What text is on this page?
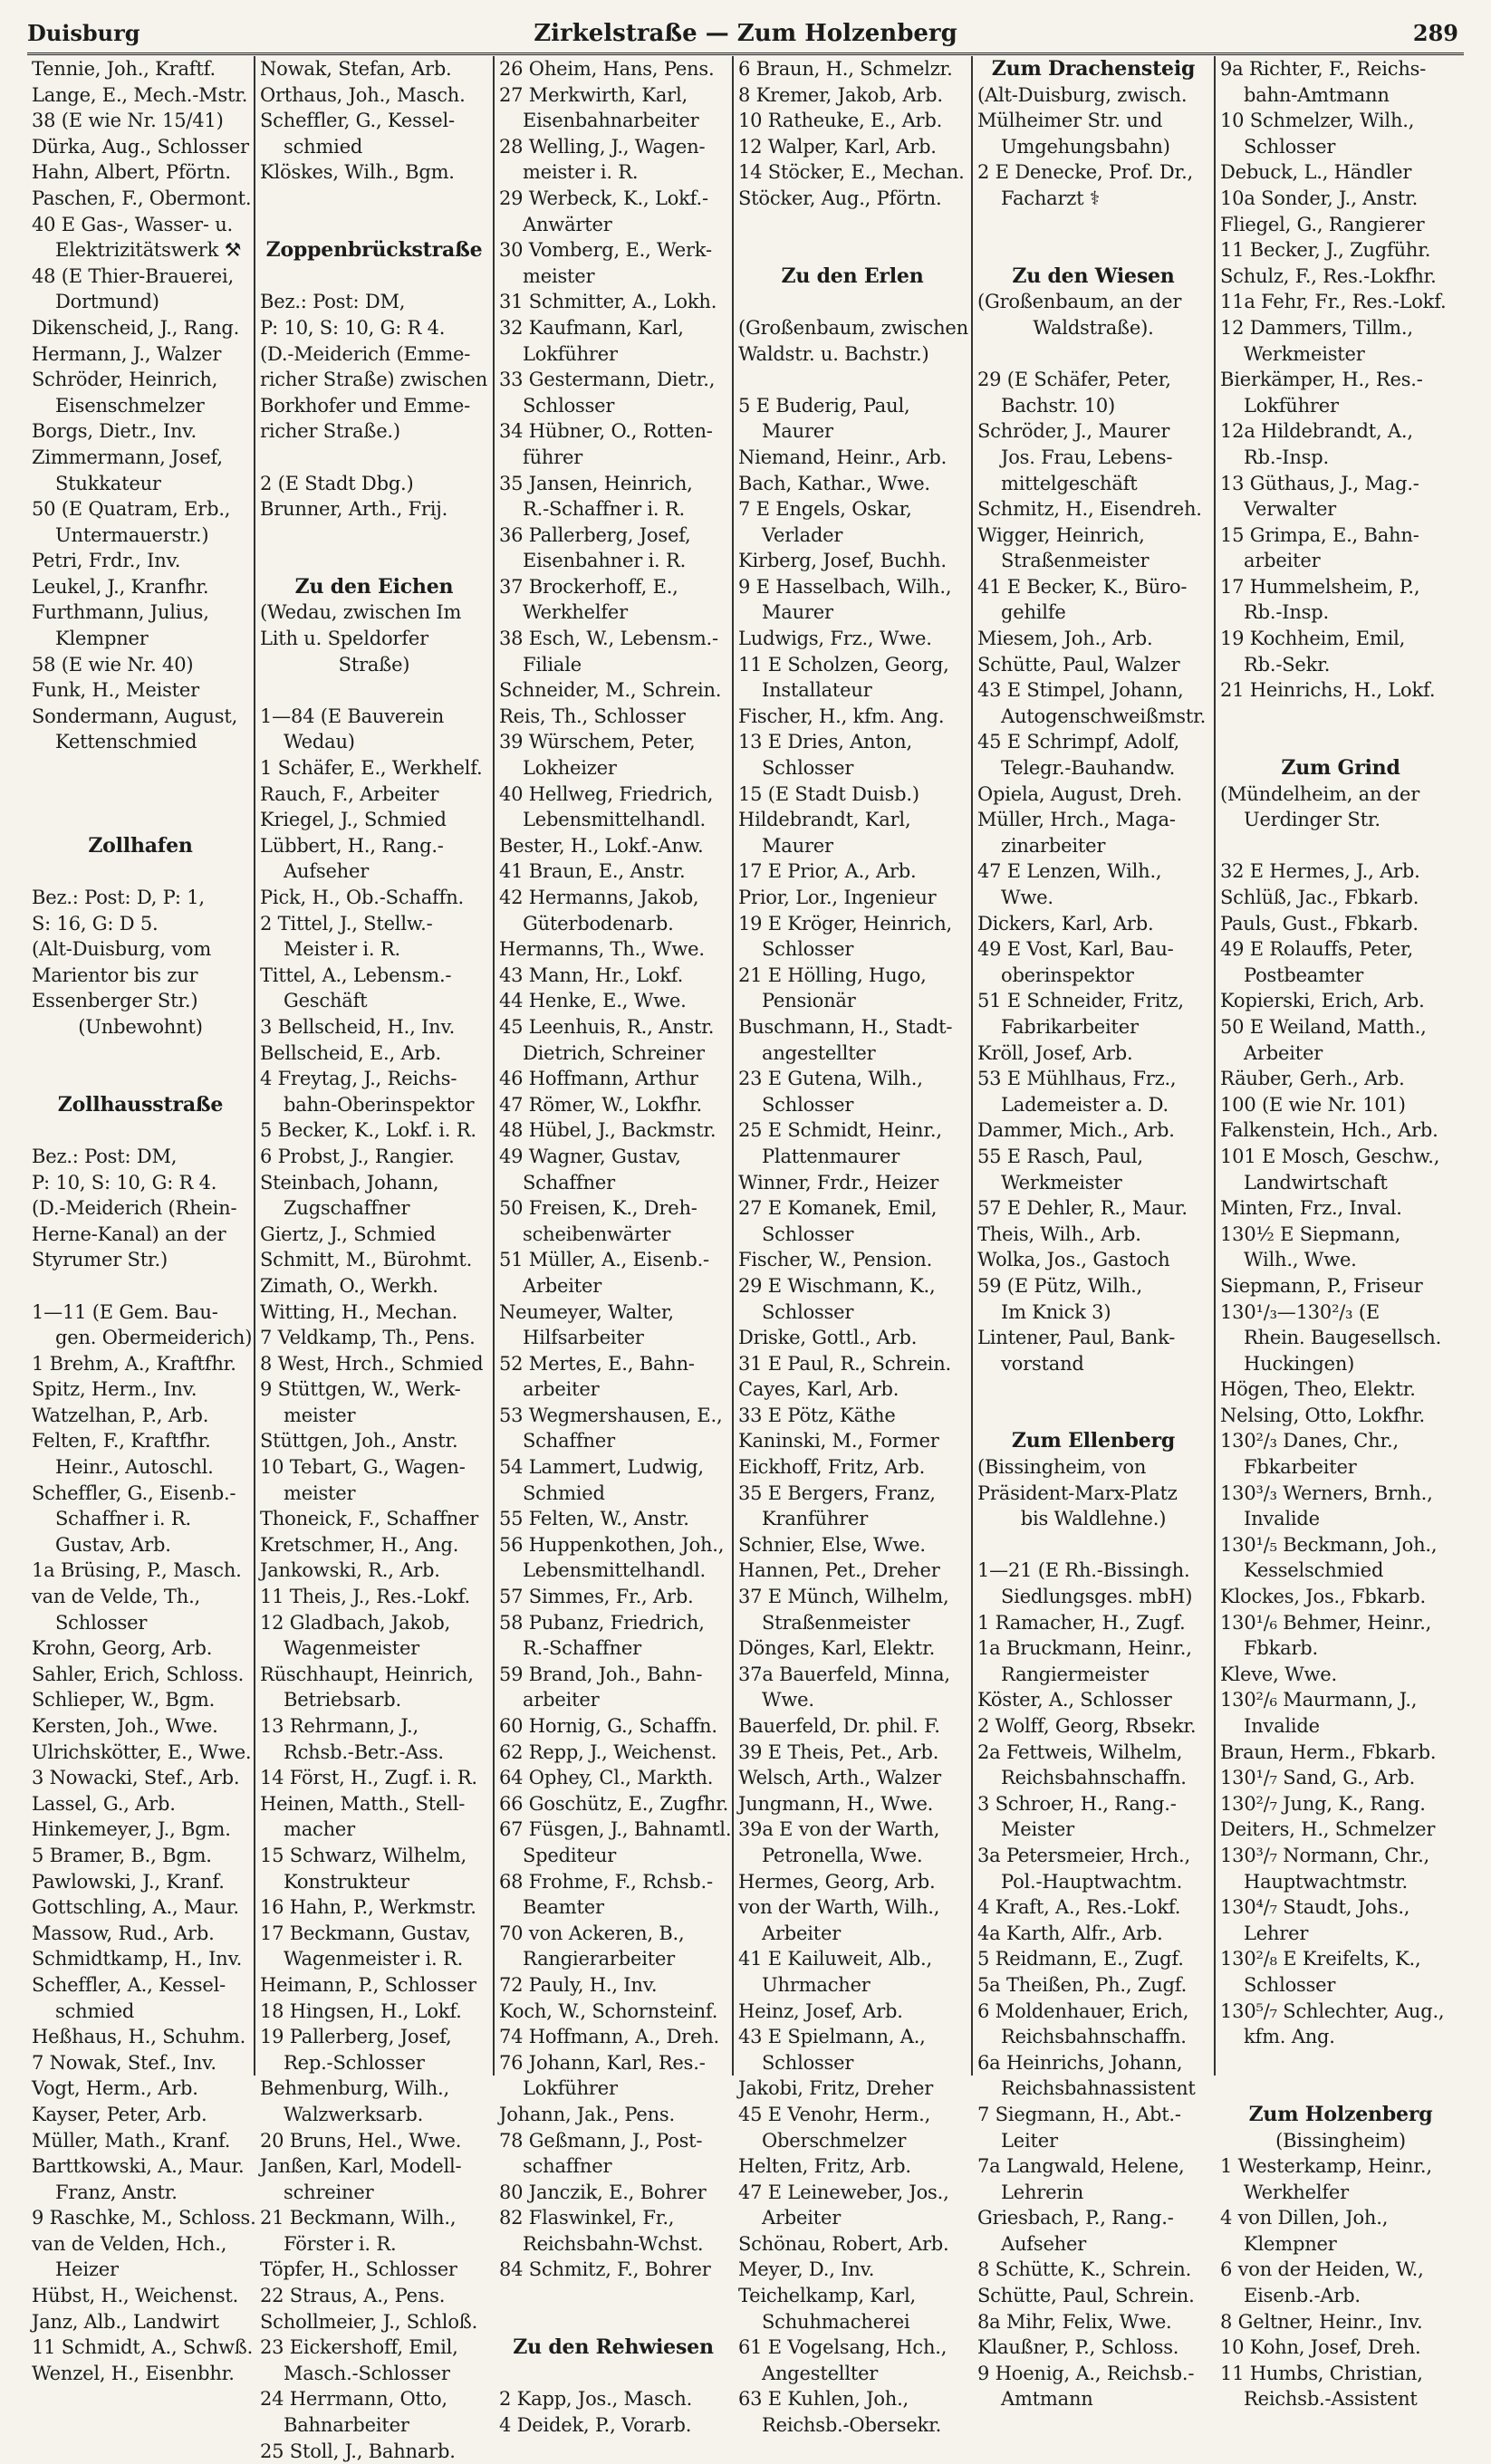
Duisburg	Zirkelstraße — Zum Holzenberg	289
Tennie, Joh., Kraftf.
Lange, E., Mech.-Mstr.
38 (E wie Nr. 15/41)
Dürka, Aug., Schlosser
Hahn, Albert, Pförtn.
Paschen, F., Obermont.
40 E Gas-, Wasser- u.
Elektrizitätswerk ⚒
48 (E Thier-Brauerei,
Dortmund)
Dikenscheid, J., Rang.
Hermann, J., Walzer
Schröder, Heinrich,
Eisenschmelzer
Borgs, Dietr., Inv.
Zimmermann, Josef,
Stukkateur
50 (E Quatram, Erb.,
Untermauerstr.)
Petri, Frdr., Inv.
Leukel, J., Kranfhr.
Furthmann, Julius,
Klempner
58 (E wie Nr. 40)
Funk, H., Meister
Sondermann, August,
Kettenschmied
Zollhafen
Bez.: Post: D, P: 1,
S: 16, G: D 5.
(Alt-Duisburg, vom
Marientor bis zur
Essenberger Str.)
(Unbewohnt)
Zollhausstraße
Bez.: Post: DM,
P: 10, S: 10, G: R 4.
(D.-Meiderich (Rhein-
Herne-Kanal) an der
Styrumer Str.)
1—11 (E Gem. Bau-
gen. Obermeiderich)
1 Brehm, A., Kraftfhr.
Spitz, Herm., Inv.
Watzelhan, P., Arb.
Felten, F., Kraftfhr.
Heinr., Autoschl.
Scheffler, G., Eisenb.-
Schaffner i. R.
Gustav, Arb.
1a Brüsing, P., Masch.
van de Velde, Th.,
Schlosser
Krohn, Georg, Arb.
Sahler, Erich, Schloss.
Schlieper, W., Bgm.
Kersten, Joh., Wwe.
Ulrichskötter, E., Wwe.
3 Nowacki, Stef., Arb.
Lassel, G., Arb.
Hinkemeyer, J., Bgm.
5 Bramer, B., Bgm.
Pawlowski, J., Kranf.
Gottschling, A., Maur.
Massow, Rud., Arb.
Schmidtkamp, H., Inv.
Scheffler, A., Kessel-
schmied
Heßhaus, H., Schuhm.
7 Nowak, Stef., Inv.
Vogt, Herm., Arb.
Kayser, Peter, Arb.
Müller, Math., Kranf.
Barttkowski, A., Maur.
Franz, Anstr.
9 Raschke, M., Schloss.
van de Velden, Hch.,
Heizer
Hübst, H., Weichenst.
Janz, Alb., Landwirt
11 Schmidt, A., Schwß.
Wenzel, H., Eisenbhr.
Nowak, Stefan, Arb.
Orthaus, Joh., Masch.
Scheffler, G., Kessel-
schmied
Klöskes, Wilh., Bgm.
Zoppenbrückstraße
Bez.: Post: DM,
P: 10, S: 10, G: R 4.
(D.-Meiderich (Emme-
richer Straße) zwischen
Borkhofer und Emme-
richer Straße.)
2 (E Stadt Dbg.)
Brunner, Arth., Frij.
Zu den Eichen
(Wedau, zwischen Im
Lith u. Speldorfer
Straße)
1—84 (E Bauverein
Wedau)
1 Schäfer, E., Werkhelf.
Rauch, F., Arbeiter
Kriegel, J., Schmied
Lübbert, H., Rang.-
Aufseher
Pick, H., Ob.-Schaffn.
2 Tittel, J., Stellw.-
Meister i. R.
Tittel, A., Lebensm.-
Geschäft
3 Bellscheid, H., Inv.
Bellscheid, E., Arb.
4 Freytag, J., Reichs-
bahn-Oberinspektor
5 Becker, K., Lokf. i. R.
6 Probst, J., Rangier.
Steinbach, Johann,
Zugschaffner
Giertz, J., Schmied
Schmitt, M., Bürohmt.
Zimath, O., Werkh.
Witting, H., Mechan.
7 Veldkamp, Th., Pens.
8 West, Hrch., Schmied
9 Stüttgen, W., Werk-
meister
Stüttgen, Joh., Anstr.
10 Tebart, G., Wagen-
meister
Thoneick, F., Schaffner
Kretschmer, H., Ang.
Jankowski, R., Arb.
11 Theis, J., Res.-Lokf.
12 Gladbach, Jakob,
Wagenmeister
Rüschhaupt, Heinrich,
Betriebsarb.
13 Rehrmann, J.,
Rchsb.-Betr.-Ass.
14 Först, H., Zugf. i. R.
Heinen, Matth., Stell-
macher
15 Schwarz, Wilhelm,
Konstrukteur
16 Hahn, P., Werkmstr.
17 Beckmann, Gustav,
Wagenmeister i. R.
Heimann, P., Schlosser
18 Hingsen, H., Lokf.
19 Pallerberg, Josef,
Rep.-Schlosser
Behmenburg, Wilh.,
Walzwerksarb.
20 Bruns, Hel., Wwe.
Janßen, Karl, Modell-
schreiner
21 Beckmann, Wilh.,
Förster i. R.
Töpfer, H., Schlosser
22 Straus, A., Pens.
Schollmeier, J., Schloß.
23 Eickershoff, Emil,
Masch.-Schlosser
24 Herrmann, Otto,
Bahnarbeiter
25 Stoll, J., Bahnarb.
26 Oheim, Hans, Pens.
27 Merkwirth, Karl,
Eisenbahnarbeiter
28 Welling, J., Wagen-
meister i. R.
29 Werbeck, K., Lokf.-
Anwärter
30 Vomberg, E., Werk-
meister
31 Schmitter, A., Lokh.
32 Kaufmann, Karl,
Lokführer
33 Gestermann, Dietr.,
Schlosser
34 Hübner, O., Rotten-
führer
35 Jansen, Heinrich,
R.-Schaffner i. R.
36 Pallerberg, Josef,
Eisenbahner i. R.
37 Brockerhoff, E.,
Werkhelfer
38 Esch, W., Lebensm.-
Filiale
Schneider, M., Schrein.
Reis, Th., Schlosser
39 Würschem, Peter,
Lokheizer
40 Hellweg, Friedrich,
Lebensmittelhandl.
Bester, H., Lokf.-Anw.
41 Braun, E., Anstr.
42 Hermanns, Jakob,
Güterbodenarb.
Hermanns, Th., Wwe.
43 Mann, Hr., Lokf.
44 Henke, E., Wwe.
45 Leenhuis, R., Anstr.
Dietrich, Schreiner
46 Hoffmann, Arthur
47 Römer, W., Lokfhr.
48 Hübel, J., Backmstr.
49 Wagner, Gustav,
Schaffner
50 Freisen, K., Dreh-
scheibenwärter
51 Müller, A., Eisenb.-
Arbeiter
Neumeyer, Walter,
Hilfsarbeiter
52 Mertes, E., Bahn-
arbeiter
53 Wegmershausen, E.,
Schaffner
54 Lammert, Ludwig,
Schmied
55 Felten, W., Anstr.
56 Huppenkothen, Joh.,
Lebensmittelhandl.
57 Simmes, Fr., Arb.
58 Pubanz, Friedrich,
R.-Schaffner
59 Brand, Joh., Bahn-
arbeiter
60 Hornig, G., Schaffn.
62 Repp, J., Weichenst.
64 Ophey, Cl., Markth.
66 Goschütz, E., Zugfhr.
67 Füsgen, J., Bahnamtl.
Spediteur
68 Frohme, F., Rchsb.-
Beamter
70 von Ackeren, B.,
Rangierarbeiter
72 Pauly, H., Inv.
Koch, W., Schornsteinf.
74 Hoffmann, A., Dreh.
76 Johann, Karl, Res.-
Lokführer
Johann, Jak., Pens.
78 Geßmann, J., Post-
schaffner
80 Janczik, E., Bohrer
82 Flaswinkel, Fr.,
Reichsbahn-Wchst.
84 Schmitz, F., Bohrer
Zu den Rehwiesen
2 Kapp, Jos., Masch.
4 Deidek, P., Vorarb.
6 Braun, H., Schmelzr.
8 Kremer, Jakob, Arb.
10 Ratheuke, E., Arb.
12 Walper, Karl, Arb.
14 Stöcker, E., Mechan.
Stöcker, Aug., Pförtn.
Zu den Erlen
(Großenbaum, zwischen
Waldstr. u. Bachstr.)
5 E Buderig, Paul,
Maurer
Niemand, Heinr., Arb.
Bach, Kathar., Wwe.
7 E Engels, Oskar,
Verlader
Kirberg, Josef, Buchh.
9 E Hasselbach, Wilh.,
Maurer
Ludwigs, Frz., Wwe.
11 E Scholzen, Georg,
Installateur
Fischer, H., kfm. Ang.
13 E Dries, Anton,
Schlosser
15 (E Stadt Duisb.)
Hildebrandt, Karl,
Maurer
17 E Prior, A., Arb.
Prior, Lor., Ingenieur
19 E Kröger, Heinrich,
Schlosser
21 E Hölling, Hugo,
Pensionär
Buschmann, H., Stadt-
angestellter
23 E Gutena, Wilh.,
Schlosser
25 E Schmidt, Heinr.,
Plattenmaurer
Winner, Frdr., Heizer
27 E Komanek, Emil,
Schlosser
Fischer, W., Pension.
29 E Wischmann, K.,
Schlosser
Driske, Gottl., Arb.
31 E Paul, R., Schrein.
Cayes, Karl, Arb.
33 E Pötz, Käthe
Kaninski, M., Former
Eickhoff, Fritz, Arb.
35 E Bergers, Franz,
Kranführer
Schnier, Else, Wwe.
Hannen, Pet., Dreher
37 E Münch, Wilhelm,
Straßenmeister
Dönges, Karl, Elektr.
37a Bauerfeld, Minna,
Wwe.
Bauerfeld, Dr. phil. F.
39 E Theis, Pet., Arb.
Welsch, Arth., Walzer
Jungmann, H., Wwe.
39a E von der Warth,
Petronella, Wwe.
Hermes, Georg, Arb.
von der Warth, Wilh.,
Arbeiter
41 E Kailuweit, Alb.,
Uhrmacher
Heinz, Josef, Arb.
43 E Spielmann, A.,
Schlosser
Jakobi, Fritz, Dreher
45 E Venohr, Herm.,
Oberschmelzer
Helten, Fritz, Arb.
47 E Leineweber, Jos.,
Arbeiter
Schönau, Robert, Arb.
Meyer, D., Inv.
Teichelkamp, Karl,
Schuhmacherei
61 E Vogelsang, Hch.,
Angestellter
63 E Kuhlen, Joh.,
Reichsb.-Obersekr.
Zum Drachensteig
(Alt-Duisburg, zwisch.
Mülheimer Str. und
Umgehungsbahn)
2 E Denecke, Prof. Dr.,
Facharzt ⚕
Zu den Wiesen
(Großenbaum, an der
Waldstraße).
29 (E Schäfer, Peter,
Bachstr. 10)
Schröder, J., Maurer
Jos. Frau, Lebens-
mittelgeschäft
Schmitz, H., Eisendreh.
Wigger, Heinrich,
Straßenmeister
41 E Becker, K., Büro-
gehilfe
Miesem, Joh., Arb.
Schütte, Paul, Walzer
43 E Stimpel, Johann,
Autogenschweißmstr.
45 E Schrimpf, Adolf,
Telegr.-Bauhandw.
Opiela, August, Dreh.
Müller, Hrch., Maga-
zinarbeiter
47 E Lenzen, Wilh.,
Wwe.
Dickers, Karl, Arb.
49 E Vost, Karl, Bau-
oberinspektor
51 E Schneider, Fritz,
Fabrikarbeiter
Kröll, Josef, Arb.
53 E Mühlhaus, Frz.,
Lademeister a. D.
Dammer, Mich., Arb.
55 E Rasch, Paul,
Werkmeister
57 E Dehler, R., Maur.
Theis, Wilh., Arb.
Wolka, Jos., Gastoch
59 (E Pütz, Wilh.,
Im Knick 3)
Lintener, Paul, Bank-
vorstand
Zum Ellenberg
(Bissingheim, von
Präsident-Marx-Platz
bis Waldlehne.)
1—21 (E Rh.-Bissingh.
Siedlungsges. mbH)
1 Ramacher, H., Zugf.
1a Bruckmann, Heinr.,
Rangiermeister
Köster, A., Schlosser
2 Wolff, Georg, Rbsekr.
2a Fettweis, Wilhelm,
Reichsbahnschaffn.
3 Schroer, H., Rang.-
Meister
3a Petersmeier, Hrch.,
Pol.-Hauptwachtm.
4 Kraft, A., Res.-Lokf.
4a Karth, Alfr., Arb.
5 Reidmann, E., Zugf.
5a Theißen, Ph., Zugf.
6 Moldenhauer, Erich,
Reichsbahnschaffn.
6a Heinrichs, Johann,
Reichsbahnassistent
7 Siegmann, H., Abt.-
Leiter
7a Langwald, Helene,
Lehrerin
Griesbach, P., Rang.-
Aufseher
8 Schütte, K., Schrein.
Schütte, Paul, Schrein.
8a Mihr, Felix, Wwe.
Klaußner, P., Schloss.
9 Hoenig, A., Reichsb.-
Amtmann
9a Richter, F., Reichs-
bahn-Amtmann
10 Schmelzer, Wilh.,
Schlosser
Debuck, L., Händler
10a Sonder, J., Anstr.
Fliegel, G., Rangierer
11 Becker, J., Zugführ.
Schulz, F., Res.-Lokfhr.
11a Fehr, Fr., Res.-Lokf.
12 Dammers, Tillm.,
Werkmeister
Bierkämper, H., Res.-
Lokführer
12a Hildebrandt, A.,
Rb.-Insp.
13 Güthaus, J., Mag.-
Verwalter
15 Grimpa, E., Bahn-
arbeiter
17 Hummelsheim, P.,
Rb.-Insp.
19 Kochheim, Emil,
Rb.-Sekr.
21 Heinrichs, H., Lokf.
Zum Grind
(Mündelheim, an der
Uerdinger Str.
32 E Hermes, J., Arb.
Schlüß, Jac., Fbkarb.
Pauls, Gust., Fbkarb.
49 E Rolauffs, Peter,
Postbeamter
Kopierski, Erich, Arb.
50 E Weiland, Matth.,
Arbeiter
Räuber, Gerh., Arb.
100 (E wie Nr. 101)
Falkenstein, Hch., Arb.
101 E Mosch, Geschw.,
Landwirtschaft
Minten, Frz., Inval.
130½ E Siepmann,
Wilh., Wwe.
Siepmann, P., Friseur
130¹/₃—130²/₃ (E
Rhein. Baugesellsch.
Huckingen)
Högen, Theo, Elektr.
Nelsing, Otto, Lokfhr.
130²/₃ Danes, Chr.,
Fbkarbeiter
130³/₃ Werners, Brnh.,
Invalide
130¹/₅ Beckmann, Joh.,
Kesselschmied
Klockes, Jos., Fbkarb.
130¹/₆ Behmer, Heinr.,
Fbkarb.
Kleve, Wwe.
130²/₆ Maurmann, J.,
Invalide
Braun, Herm., Fbkarb.
130¹/₇ Sand, G., Arb.
130²/₇ Jung, K., Rang.
Deiters, H., Schmelzer
130³/₇ Normann, Chr.,
Hauptwachtmstr.
130⁴/₇ Staudt, Johs.,
Lehrer
130²/₈ E Kreifelts, K.,
Schlosser
130⁵/₇ Schlechter, Aug.,
kfm. Ang.
Zum Holzenberg
(Bissingheim)
1 Westerkamp, Heinr.,
Werkhelfer
4 von Dillen, Joh.,
Klempner
6 von der Heiden, W.,
Eisenb.-Arb.
8 Geltner, Heinr., Inv.
10 Kohn, Josef, Dreh.
11 Humbs, Christian,
Reichsb.-Assistent
